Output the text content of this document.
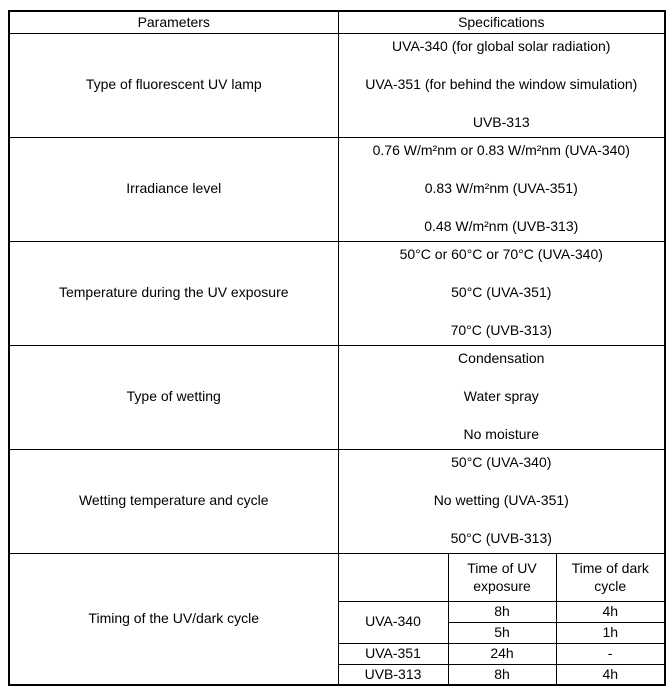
Parameters	Specifications		
Type of fluorescent UV lamp	UVA-340 (for global solar radiation)
UVA-351 (for behind the window simulation)
UVB-313		

Irradiance level	0.76 W/m²nm or 0.83 W/m²nm (UVA-340)
0.83 W/m²nm (UVA-351)
0.48 W/m²nm (UVB-313)		

Temperature during the UV exposure	50°C or 60°C or 70°C (UVA-340)
50°C (UVA-351)
70°C (UVB-313)		

Type of wetting	Condensation
Water spray
No moisture		

Wetting temperature and cycle	50°C (UVA-340)
No wetting (UVA-351)
50°C (UVB-313)		

Timing of the UV/dark cycle		Time of UV exposure	Time of dark cycle
	UVA-340	8h	4h
		5h	1h
	UVA-351	24h	-
	UVB-313	8h	4h
